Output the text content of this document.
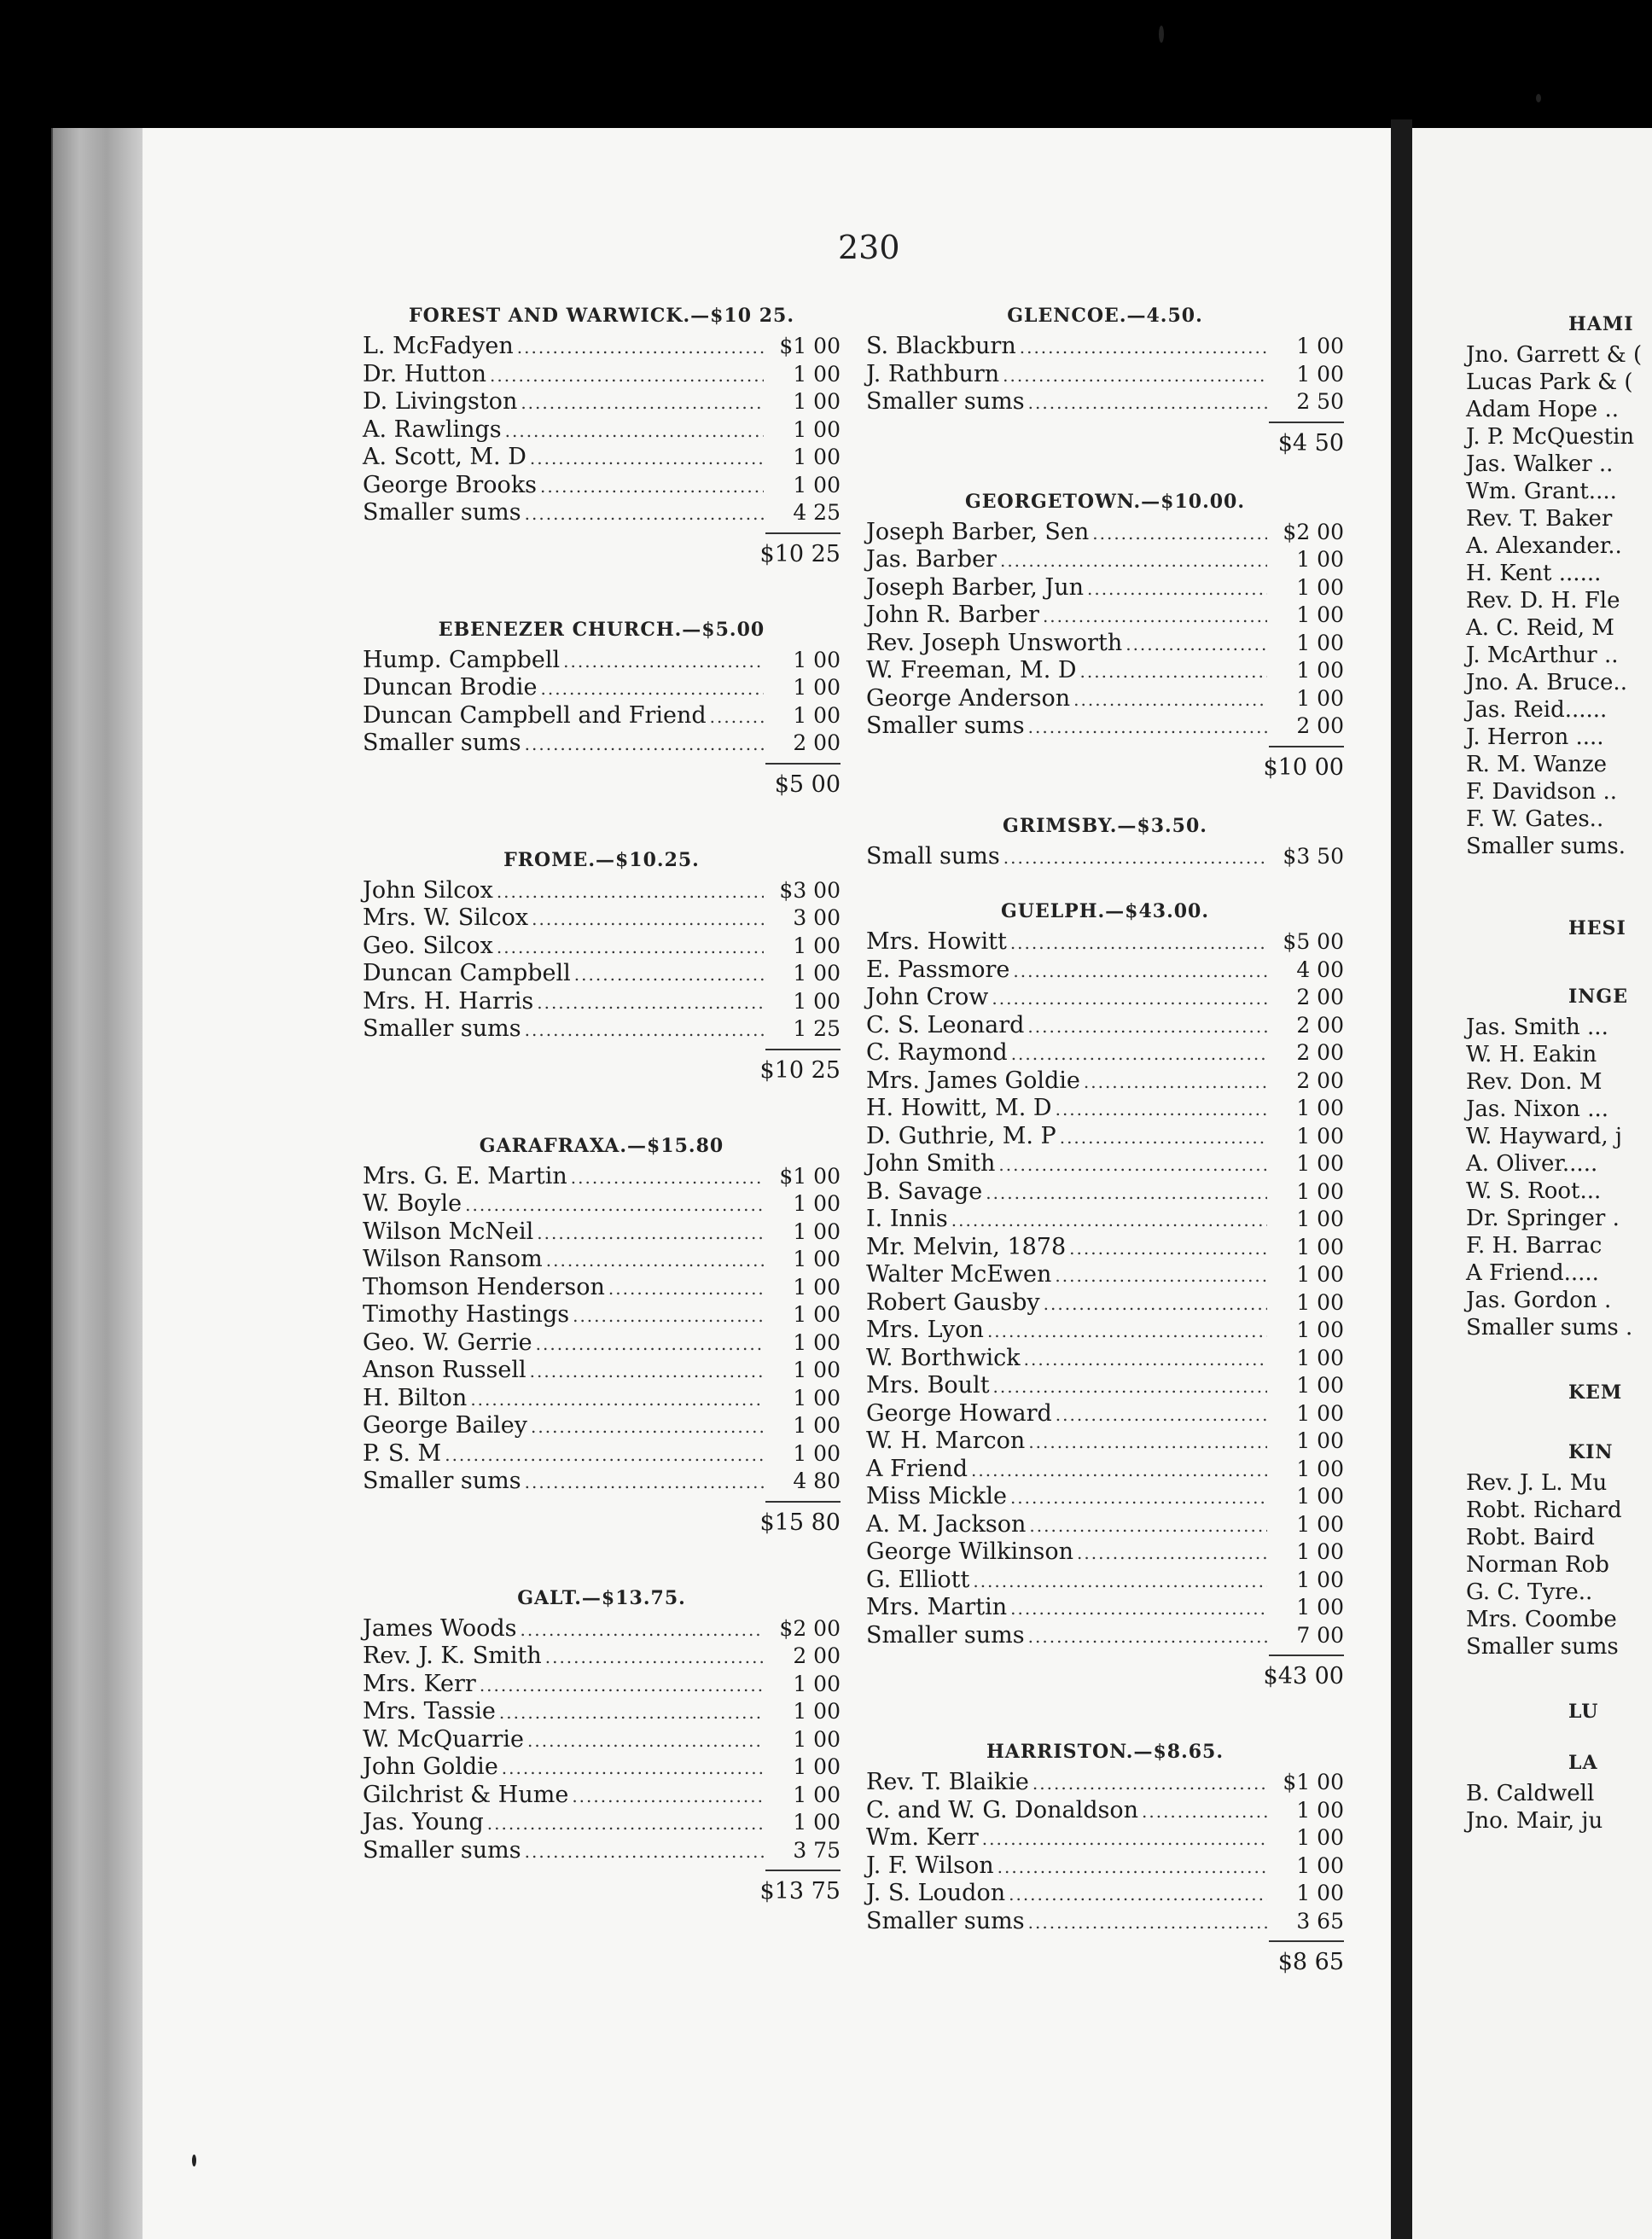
230
FOREST AND WARWICK.—$10 25.
L. McFadyen .....	$1 00
Dr. Hutton .....	1 00
D. Livingston .....	1 00
A. Rawlings .....	1 00
A. Scott, M. D .....	1 00
George Brooks .....	1 00
Smaller sums .....	4 25
$10 25
EBENEZER CHURCH.—$5.00
Hump. Campbell .....	1 00
Duncan Brodie .....	1 00
Duncan Campbell and Friend .....	1 00
Smaller sums .....	2 00
$5 00
FROME.—$10.25.
John Silcox .....	$3 00
Mrs. W. Silcox .....	3 00
Geo. Silcox .....	1 00
Duncan Campbell .....	1 00
Mrs. H. Harris .....	1 00
Smaller sums .....	1 25
$10 25
GARAFRAXA.—$15.80
Mrs. G. E. Martin .....	$1 00
W. Boyle .....	1 00
Wilson McNeil .....	1 00
Wilson Ransom .....	1 00
Thomson Henderson .....	1 00
Timothy Hastings .....	1 00
Geo. W. Gerrie .....	1 00
Anson Russell .....	1 00
H. Bilton .....	1 00
George Bailey .....	1 00
P. S. M .....	1 00
Smaller sums .....	4 80
$15 80
GALT.—$13.75.
James Woods .....	$2 00
Rev. J. K. Smith .....	2 00
Mrs. Kerr .....	1 00
Mrs. Tassie .....	1 00
W. McQuarrie .....	1 00
John Goldie .....	1 00
Gilchrist & Hume .....	1 00
Jas. Young .....	1 00
Smaller sums .....	3 75
$13 75
GLENCOE.—4.50.
S. Blackburn .....	1 00
J. Rathburn .....	1 00
Smaller sums .....	2 50
$4 50
GEORGETOWN.—$10.00.
Joseph Barber, Sen .....	$2 00
Jas. Barber .....	1 00
Joseph Barber, Jun .....	1 00
John R. Barber .....	1 00
Rev. Joseph Unsworth .....	1 00
W. Freeman, M. D .....	1 00
George Anderson .....	1 00
Smaller sums .....	2 00
$10 00
GRIMSBY.—$3.50.
Small sums .....	$3 50
GUELPH.—$43.00.
Mrs. Howitt .....	$5 00
E. Passmore .....	4 00
John Crow .....	2 00
C. S. Leonard .....	2 00
C. Raymond .....	2 00
Mrs. James Goldie .....	2 00
H. Howitt, M. D .....	1 00
D. Guthrie, M. P .....	1 00
John Smith .....	1 00
B. Savage .....	1 00
I. Innis .....	1 00
Mr. Melvin, 1878 .....	1 00
Walter McEwen .....	1 00
Robert Gausby .....	1 00
Mrs. Lyon .....	1 00
W. Borthwick .....	1 00
Mrs. Boult .....	1 00
George Howard .....	1 00
W. H. Marcon .....	1 00
A Friend .....	1 00
Miss Mickle .....	1 00
A. M. Jackson .....	1 00
George Wilkinson .....	1 00
G. Elliott .....	1 00
Mrs. Martin .....	1 00
Smaller sums .....	7 00
$43 00
HARRISTON.—$8.65.
Rev. T. Blaikie .....	$1 00
C. and W. G. Donaldson .....	1 00
Wm. Kerr .....	1 00
J. F. Wilson .....	1 00
J. S. Loudon .....	1 00
Smaller sums .....	3 65
$8 65
HAMI
Jno. Garrett & (
Lucas Park & (
Adam Hope ..
J. P. McQuestin
Jas. Walker ..
Wm. Grant....
Rev. T. Baker
A. Alexander..
H. Kent ......
Rev. D. H. Fle
A. C. Reid, M
J. McArthur ..
Jno. A. Bruce..
Jas. Reid......
J. Herron ....
R. M. Wanze
F. Davidson ..
F. W. Gates..
Smaller sums.
HESI
INGE
Jas. Smith ...
W. H. Eakin
Rev. Don. M
Jas. Nixon ...
W. Hayward, j
A. Oliver.....
W. S. Root...
Dr. Springer .
F. H. Barrac
A Friend.....
Jas. Gordon .
Smaller sums .
KEM
KIN
Rev. J. L. Mu
Robt. Richard
Robt. Baird
Norman Rob
G. C. Tyre..
Mrs. Coombe
Smaller sums
LU
LA
B. Caldwell
Jno. Mair, ju
